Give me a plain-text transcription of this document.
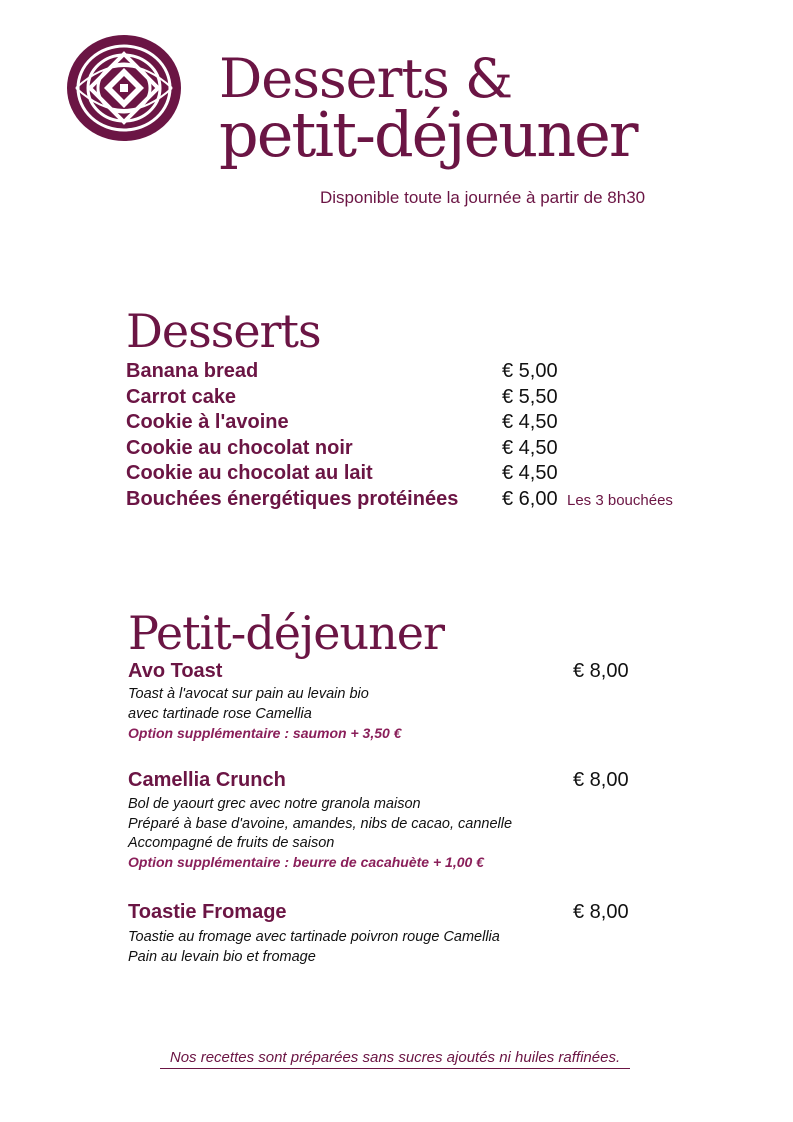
Desserts &
petit-déjeuner
Disponible toute la journée à partir de 8h30
Desserts
Banana bread	€ 5,00
Carrot cake	€ 5,50
Cookie à l'avoine	€ 4,50
Cookie au chocolat noir	€ 4,50
Cookie au chocolat au lait	€ 4,50
Bouchées énergétiques protéinées € 6,00 Les 3 bouchées
Petit-déjeuner
Avo Toast	€ 8,00
Toast à l'avocat sur pain au levain bio
avec tartinade rose Camellia
Option supplémentaire : saumon + 3,50 €
Camellia Crunch	€ 8,00
Bol de yaourt grec avec notre granola maison
Préparé à base d'avoine, amandes, nibs de cacao, cannelle
Accompagné de fruits de saison
Option supplémentaire : beurre de cacahuète + 1,00 €
Toastie Fromage	€ 8,00
Toastie au fromage avec tartinade poivron rouge Camellia
Pain au levain bio et fromage
Nos recettes sont préparées sans sucres ajoutés ni huiles raffinées.
